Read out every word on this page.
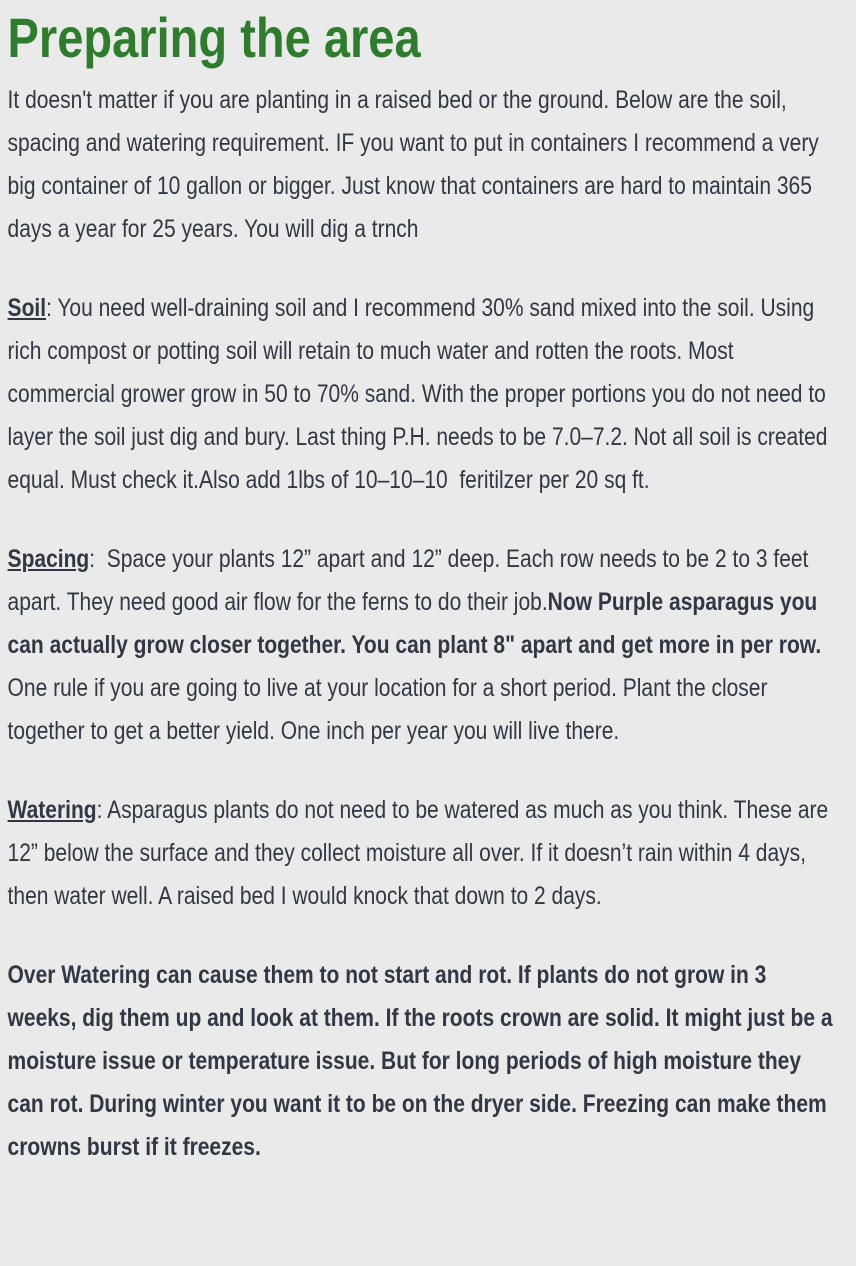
Preparing the area

It doesn't matter if you are planting in a raised bed or the ground. Below are the soil, spacing and watering requirement. IF you want to put in containers I recommend a very big container of 10 gallon or bigger. Just know that containers are hard to maintain 365 days a year for 25 years. You will dig a trnch

Soil: You need well-draining soil and I recommend 30% sand mixed into the soil. Using rich compost or potting soil will retain to much water and rotten the roots. Most commercial grower grow in 50 to 70% sand. With the proper portions you do not need to layer the soil just dig and bury. Last thing P.H. needs to be 7.0–7.2. Not all soil is created equal. Must check it.Also add 1lbs of 10–10–10  feritilzer per 20 sq ft.

Spacing:  Space your plants 12” apart and 12” deep. Each row needs to be 2 to 3 feet apart. They need good air flow for the ferns to do their job.Now Purple asparagus you can actually grow closer together. You can plant 8" apart and get more in per row. One rule if you are going to live at your location for a short period. Plant the closer together to get a better yield. One inch per year you will live there.

Watering: Asparagus plants do not need to be watered as much as you think. These are 12” below the surface and they collect moisture all over. If it doesn’t rain within 4 days, then water well. A raised bed I would knock that down to 2 days.

Over Watering can cause them to not start and rot. If plants do not grow in 3 weeks, dig them up and look at them. If the roots crown are solid. It might just be a moisture issue or temperature issue. But for long periods of high moisture they can rot. During winter you want it to be on the dryer side. Freezing can make them crowns burst if it freezes.
